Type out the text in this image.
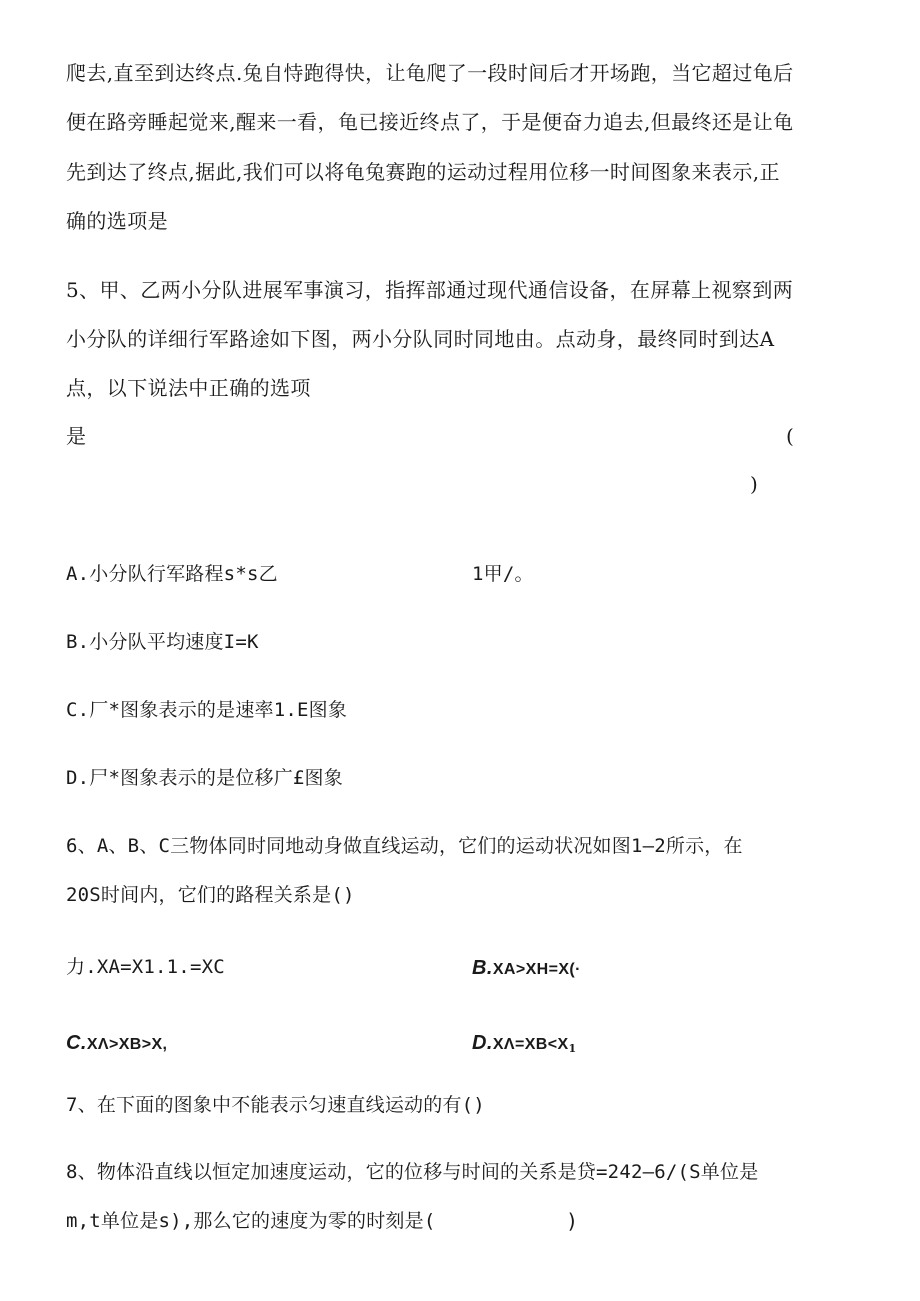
爬去,直至到达终点.兔自恃跑得快，让龟爬了一段时间后才开场跑，当它超过龟后
便在路旁睡起觉来,醒来一看，龟已接近终点了，于是便奋力追去,但最终还是让龟
先到达了终点,据此,我们可以将龟兔赛跑的运动过程用位移一时间图象来表示,正
确的选项是
5、甲、乙两小分队进展军事演习，指挥部通过现代通信设备，在屏幕上视察到两
小分队的详细行军路途如下图，两小分队同时同地由。点动身，最终同时到达A
点，以下说法中正确的选项
是	(
)
A.小分队行军路程s*s乙	1甲/。
B.小分队平均速度I=K
C.厂*图象表示的是速率1.E图象
D.尸*图象表示的是位移广£图象
6、A、B、C三物体同时同地动身做直线运动，它们的运动状况如图1—2所示，在
20S时间内，它们的路程关系是()
力.XA=X1.1.=XC	B.XA>XH=X(·
C.XΛ>XB>X,	$D.X\Lambda=XB<X_1$
7、在下面的图象中不能表示匀速直线运动的有()
8、物体沿直线以恒定加速度运动，它的位移与时间的关系是贷=242—6/(S单位是
m,t单位是s),那么它的速度为零的时刻是(	)
